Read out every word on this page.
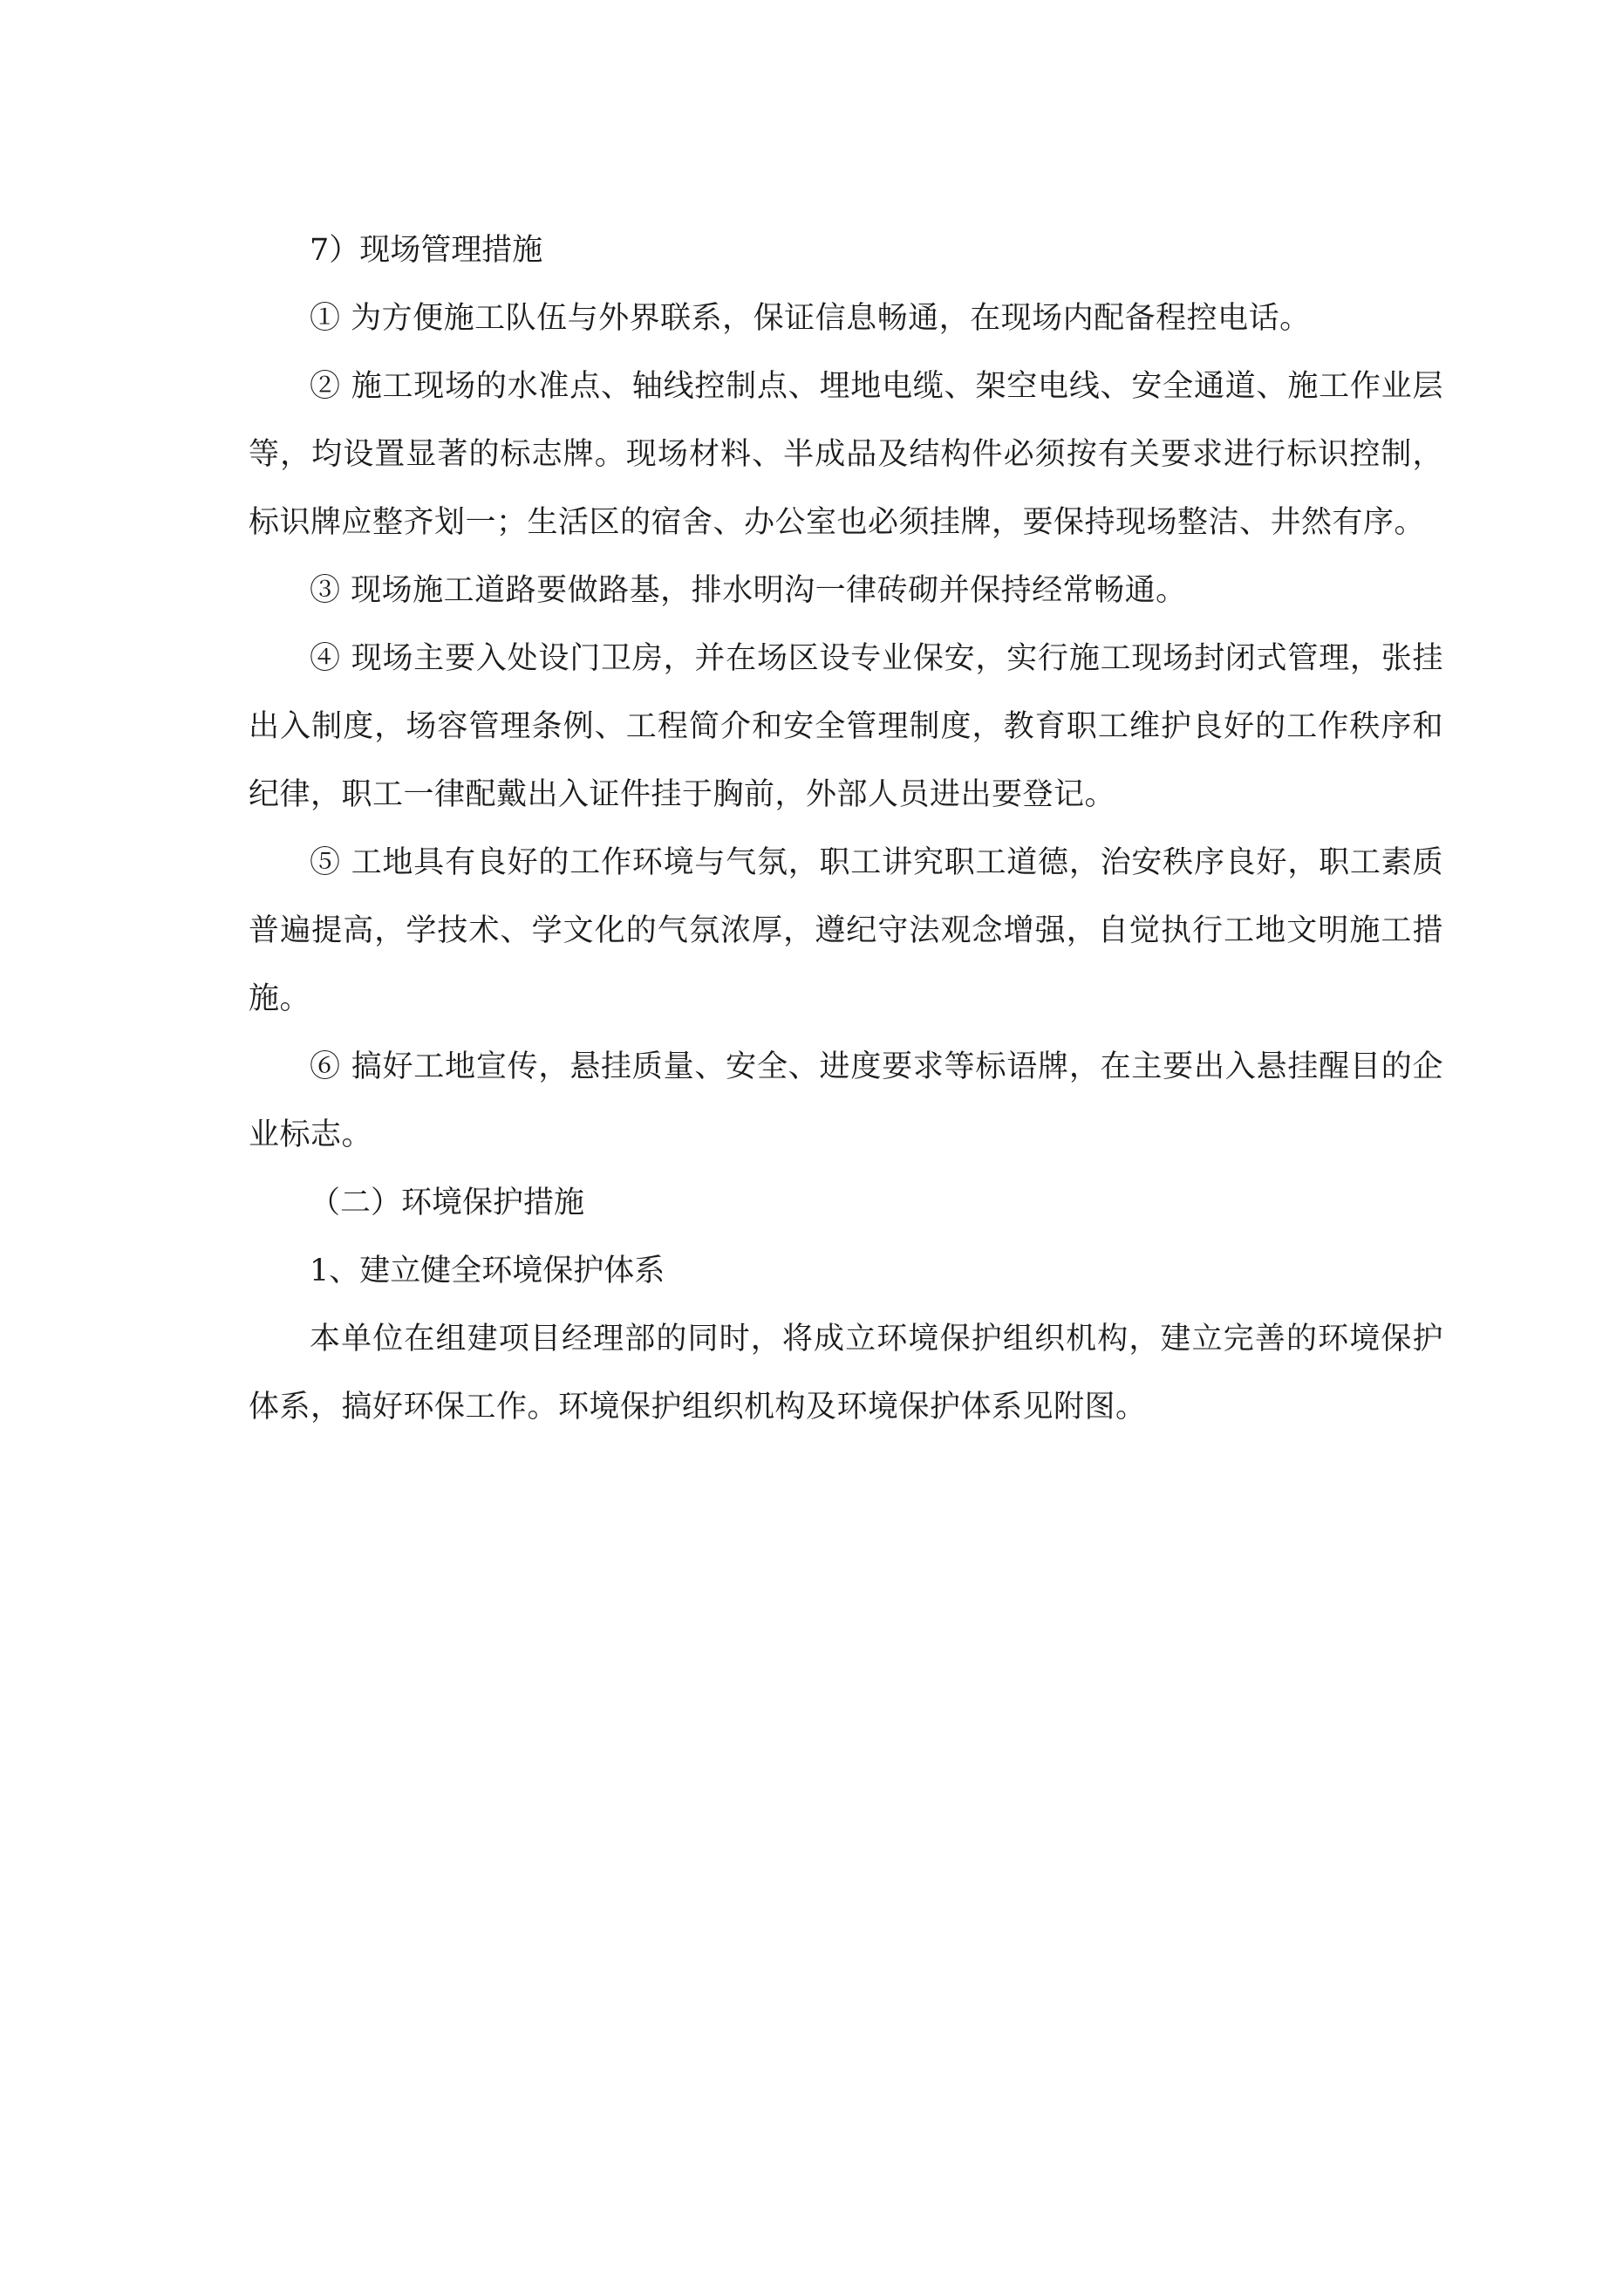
7）现场管理措施

① 为方便施工队伍与外界联系，保证信息畅通，在现场内配备程控电话。

② 施工现场的水准点、轴线控制点、埋地电缆、架空电线、安全通道、施工作业层等，均设置显著的标志牌。现场材料、半成品及结构件必须按有关要求进行标识控制，标识牌应整齐划一；生活区的宿舍、办公室也必须挂牌，要保持现场整洁、井然有序。

③ 现场施工道路要做路基，排水明沟一律砖砌并保持经常畅通。

④ 现场主要入处设门卫房，并在场区设专业保安，实行施工现场封闭式管理，张挂出入制度，场容管理条例、工程简介和安全管理制度，教育职工维护良好的工作秩序和纪律，职工一律配戴出入证件挂于胸前，外部人员进出要登记。

⑤ 工地具有良好的工作环境与气氛，职工讲究职工道德，治安秩序良好，职工素质普遍提高，学技术、学文化的气氛浓厚，遵纪守法观念增强，自觉执行工地文明施工措施。

⑥ 搞好工地宣传，悬挂质量、安全、进度要求等标语牌，在主要出入悬挂醒目的企业标志。

（二）环境保护措施

1、建立健全环境保护体系

本单位在组建项目经理部的同时，将成立环境保护组织机构，建立完善的环境保护体系，搞好环保工作。环境保护组织机构及环境保护体系见附图。
